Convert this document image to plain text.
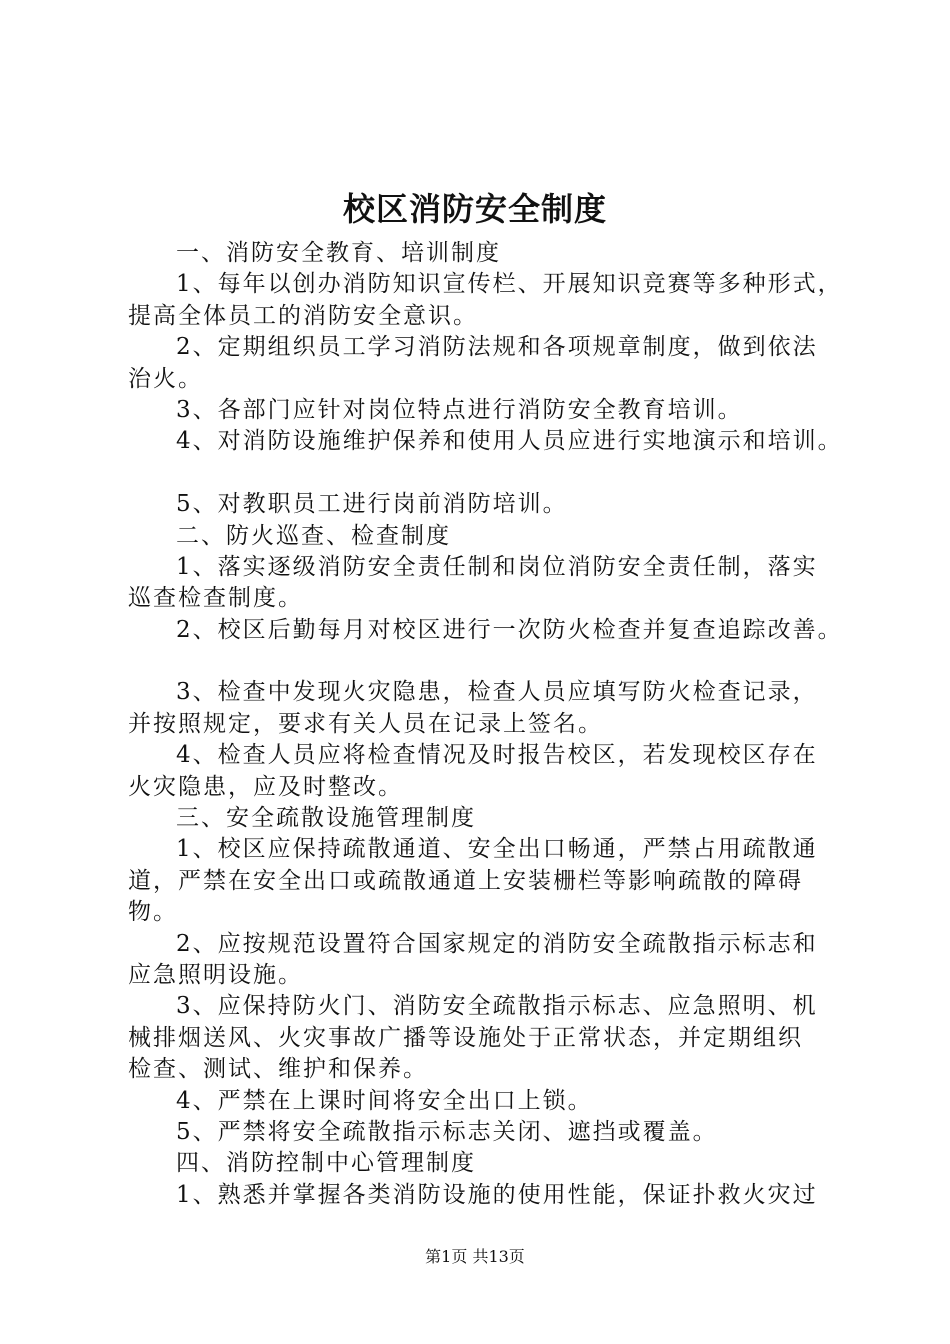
校区消防安全制度
一、消防安全教育、培训制度
1、每年以创办消防知识宣传栏、开展知识竞赛等多种形式，
提高全体员工的消防安全意识。
2、定期组织员工学习消防法规和各项规章制度，做到依法
治火。
3、各部门应针对岗位特点进行消防安全教育培训。
4、对消防设施维护保养和使用人员应进行实地演示和培训。
5、对教职员工进行岗前消防培训。
二、防火巡查、检查制度
1、落实逐级消防安全责任制和岗位消防安全责任制，落实
巡查检查制度。
2、校区后勤每月对校区进行一次防火检查并复查追踪改善。
3、检查中发现火灾隐患，检查人员应填写防火检查记录，
并按照规定，要求有关人员在记录上签名。
4、检查人员应将检查情况及时报告校区，若发现校区存在
火灾隐患，应及时整改。
三、安全疏散设施管理制度
1、校区应保持疏散通道、安全出口畅通，严禁占用疏散通
道，严禁在安全出口或疏散通道上安装栅栏等影响疏散的障碍
物。
2、应按规范设置符合国家规定的消防安全疏散指示标志和
应急照明设施。
3、应保持防火门、消防安全疏散指示标志、应急照明、机
械排烟送风、火灾事故广播等设施处于正常状态，并定期组织
检查、测试、维护和保养。
4、严禁在上课时间将安全出口上锁。
5、严禁将安全疏散指示标志关闭、遮挡或覆盖。
四、消防控制中心管理制度
1、熟悉并掌握各类消防设施的使用性能，保证扑救火灾过
第1页 共13页
